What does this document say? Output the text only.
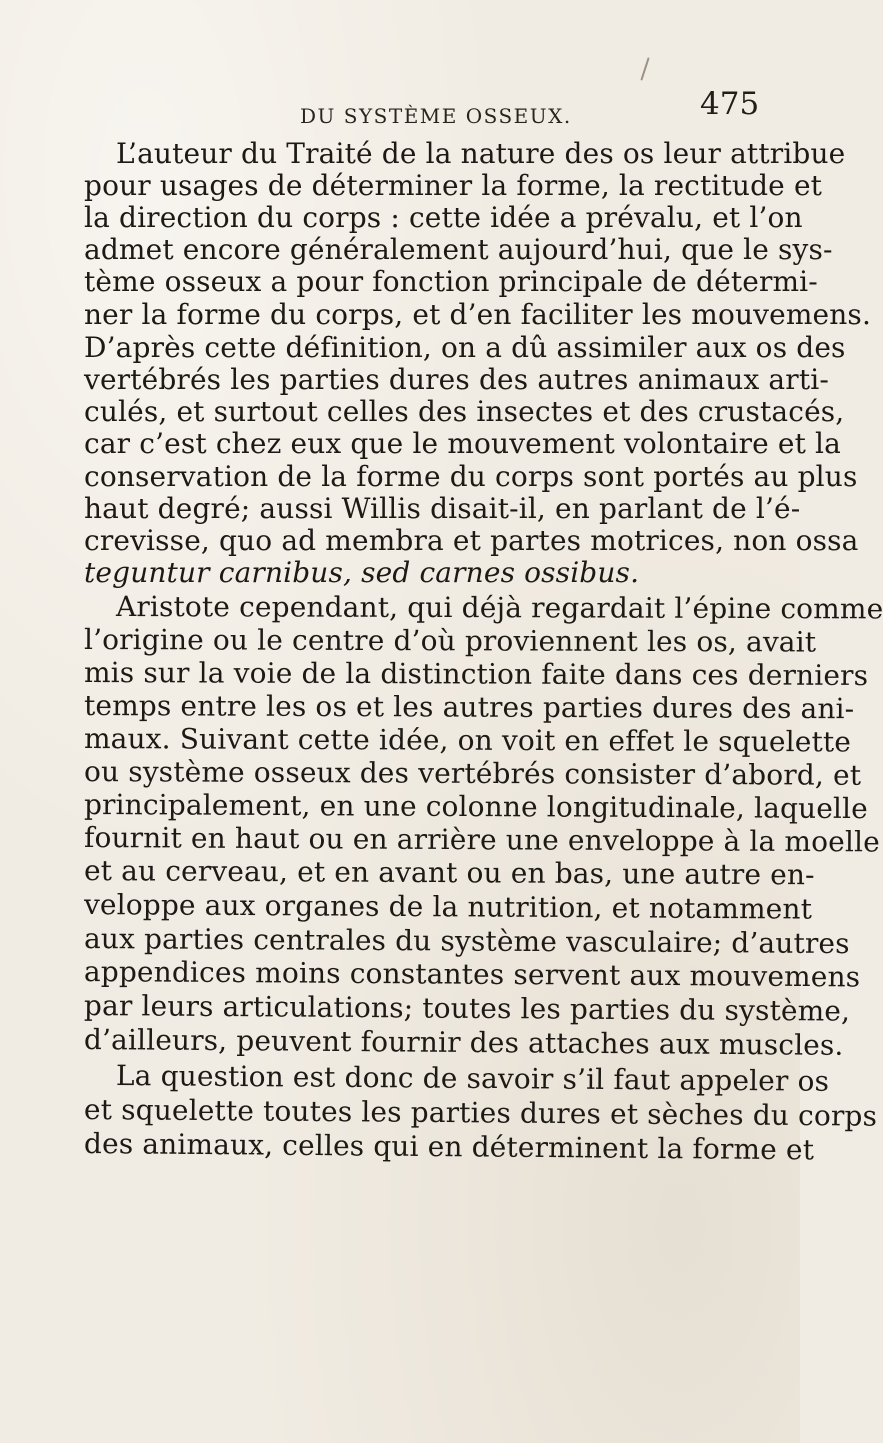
DU SYSTÈME OSSEUX.	475
L’auteur du Traité de la nature des os leur attribue
pour usages de déterminer la forme, la rectitude et
la direction du corps : cette idée a prévalu, et l’on
admet encore généralement aujourd’hui, que le sys-
tème osseux a pour fonction principale de détermi-
ner la forme du corps, et d’en faciliter les mouvemens.
D’après cette définition, on a dû assimiler aux os des
vertébrés les parties dures des autres animaux arti-
culés, et surtout celles des insectes et des crustacés,
car c’est chez eux que le mouvement volontaire et la
conservation de la forme du corps sont portés au plus
haut degré; aussi Willis disait-il, en parlant de l’é-
crevisse, quo ad membra et partes motrices, non ossa
teguntur carnibus, sed carnes ossibus.
Aristote cependant, qui déjà regardait l’épine comme
l’origine ou le centre d’où proviennent les os, avait
mis sur la voie de la distinction faite dans ces derniers
temps entre les os et les autres parties dures des ani-
maux. Suivant cette idée, on voit en effet le squelette
ou système osseux des vertébrés consister d’abord, et
principalement, en une colonne longitudinale, laquelle
fournit en haut ou en arrière une enveloppe à la moelle
et au cerveau, et en avant ou en bas, une autre en-
veloppe aux organes de la nutrition, et notamment
aux parties centrales du système vasculaire; d’autres
appendices moins constantes servent aux mouvemens
par leurs articulations; toutes les parties du système,
d’ailleurs, peuvent fournir des attaches aux muscles.
La question est donc de savoir s’il faut appeler os
et squelette toutes les parties dures et sèches du corps
des animaux, celles qui en déterminent la forme et
